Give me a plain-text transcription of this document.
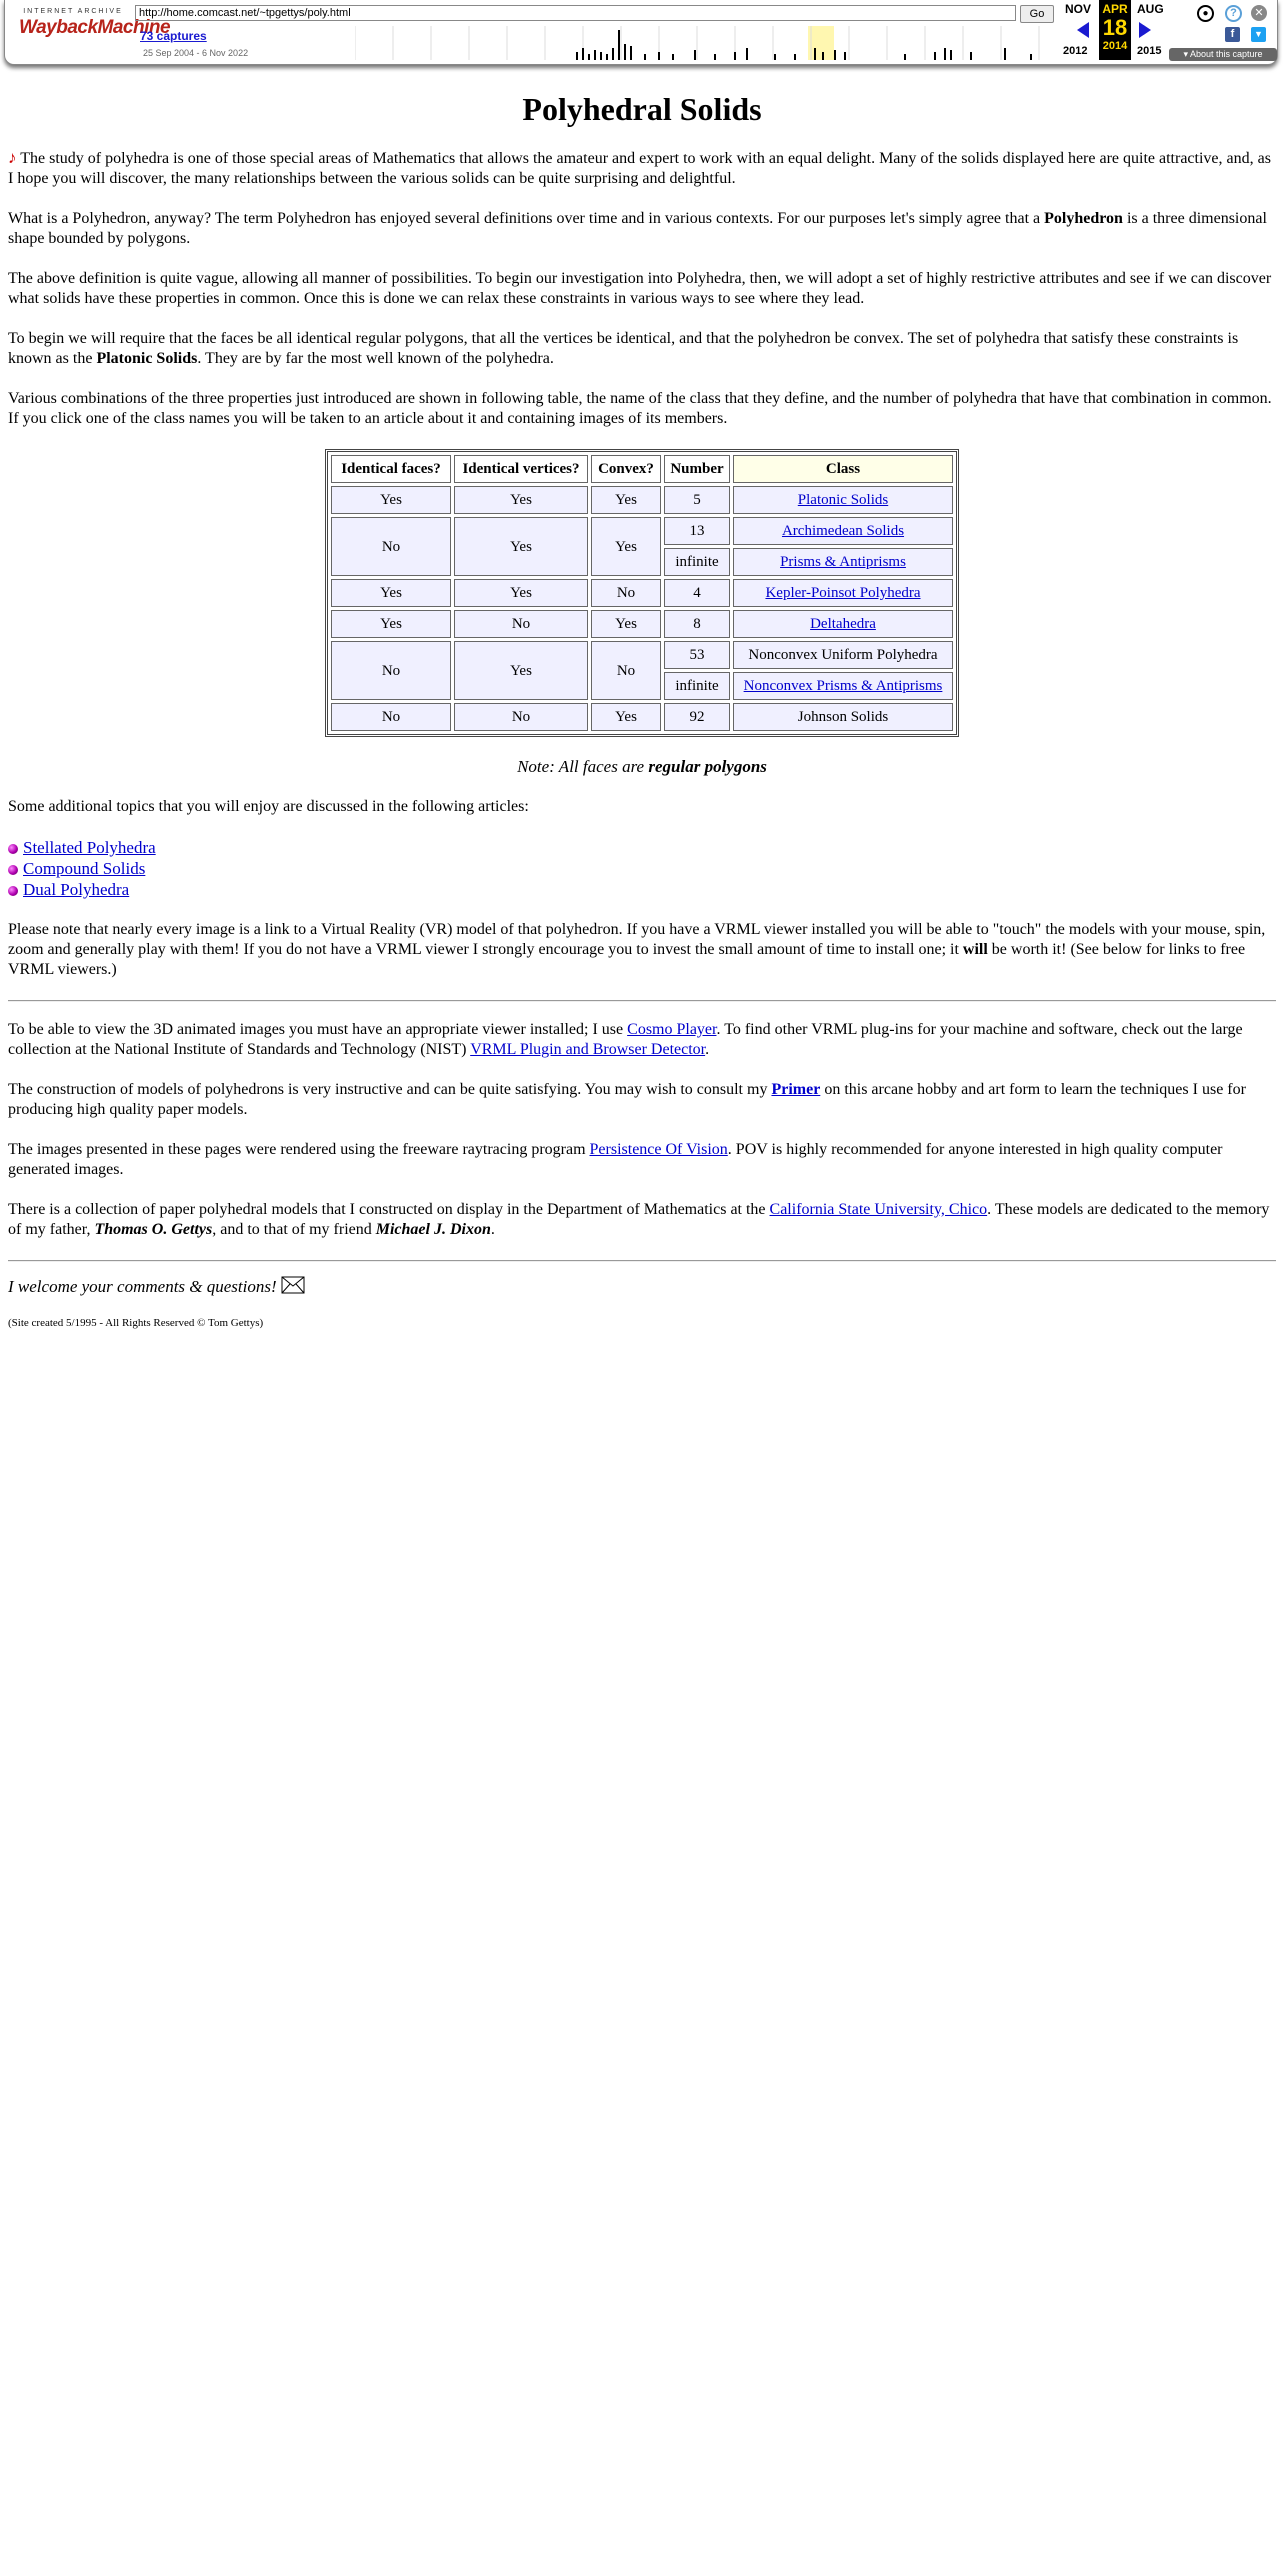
INTERNET ARCHIVE
WaybackMachine
http://home.comcast.net/~tpgettys/poly.html	Go
73 captures
25 Sep 2004 - 6 Nov 2022
NOV
2012
APR
18
2014
AUG
2015
●	?	✕
f	▼
▾ About this capture
Polyhedral Solids

♪ The study of polyhedra is one of those special areas of Mathematics that allows the amateur and expert to work with an equal delight. Many of the solids displayed here are quite attractive, and, as I hope you will discover, the many relationships between the various solids can be quite surprising and delightful.

What is a Polyhedron, anyway? The term Polyhedron has enjoyed several definitions over time and in various contexts. For our purposes let's simply agree that a Polyhedron is a three dimensional shape bounded by polygons.

The above definition is quite vague, allowing all manner of possibilities. To begin our investigation into Polyhedra, then, we will adopt a set of highly restrictive attributes and see if we can discover what solids have these properties in common. Once this is done we can relax these constraints in various ways to see where they lead.

To begin we will require that the faces be all identical regular polygons, that all the vertices be identical, and that the polyhedron be convex. The set of polyhedra that satisfy these constraints is known as the Platonic Solids. They are by far the most well known of the polyhedra.

Various combinations of the three properties just introduced are shown in following table, the name of the class that they define, and the number of polyhedra that have that combination in common. If you click one of the class names you will be taken to an article about it and containing images of its members.

Identical faces?	Identical vertices?	Convex?	Number	Class
Yes	Yes	Yes	5	Platonic Solids
No	Yes	Yes	13	Archimedean Solids
			infinite	Prisms & Antiprisms
Yes	Yes	No	4	Kepler-Poinsot Polyhedra
Yes	No	Yes	8	Deltahedra
No	Yes	No	53	Nonconvex Uniform Polyhedra
			infinite	Nonconvex Prisms & Antiprisms
No	No	Yes	92	Johnson Solids
Note: All faces are regular polygons

Some additional topics that you will enjoy are discussed in the following articles:

Stellated Polyhedra
Compound Solids
Dual Polyhedra

Please note that nearly every image is a link to a Virtual Reality (VR) model of that polyhedron. If you have a VRML viewer installed you will be able to "touch" the models with your mouse, spin, zoom and generally play with them! If you do not have a VRML viewer I strongly encourage you to invest the small amount of time to install one; it will be worth it! (See below for links to free VRML viewers.)

To be able to view the 3D animated images you must have an appropriate viewer installed; I use Cosmo Player. To find other VRML plug-ins for your machine and software, check out the large collection at the National Institute of Standards and Technology (NIST) VRML Plugin and Browser Detector.

The construction of models of polyhedrons is very instructive and can be quite satisfying. You may wish to consult my Primer on this arcane hobby and art form to learn the techniques I use for producing high quality paper models.

The images presented in these pages were rendered using the freeware raytracing program Persistence Of Vision. POV is highly recommended for anyone interested in high quality computer generated images.

There is a collection of paper polyhedral models that I constructed on display in the Department of Mathematics at the California State University, Chico. These models are dedicated to the memory of my father, Thomas O. Gettys, and to that of my friend Michael J. Dixon.

I welcome your comments & questions!
(Site created 5/1995 - All Rights Reserved © Tom Gettys)
